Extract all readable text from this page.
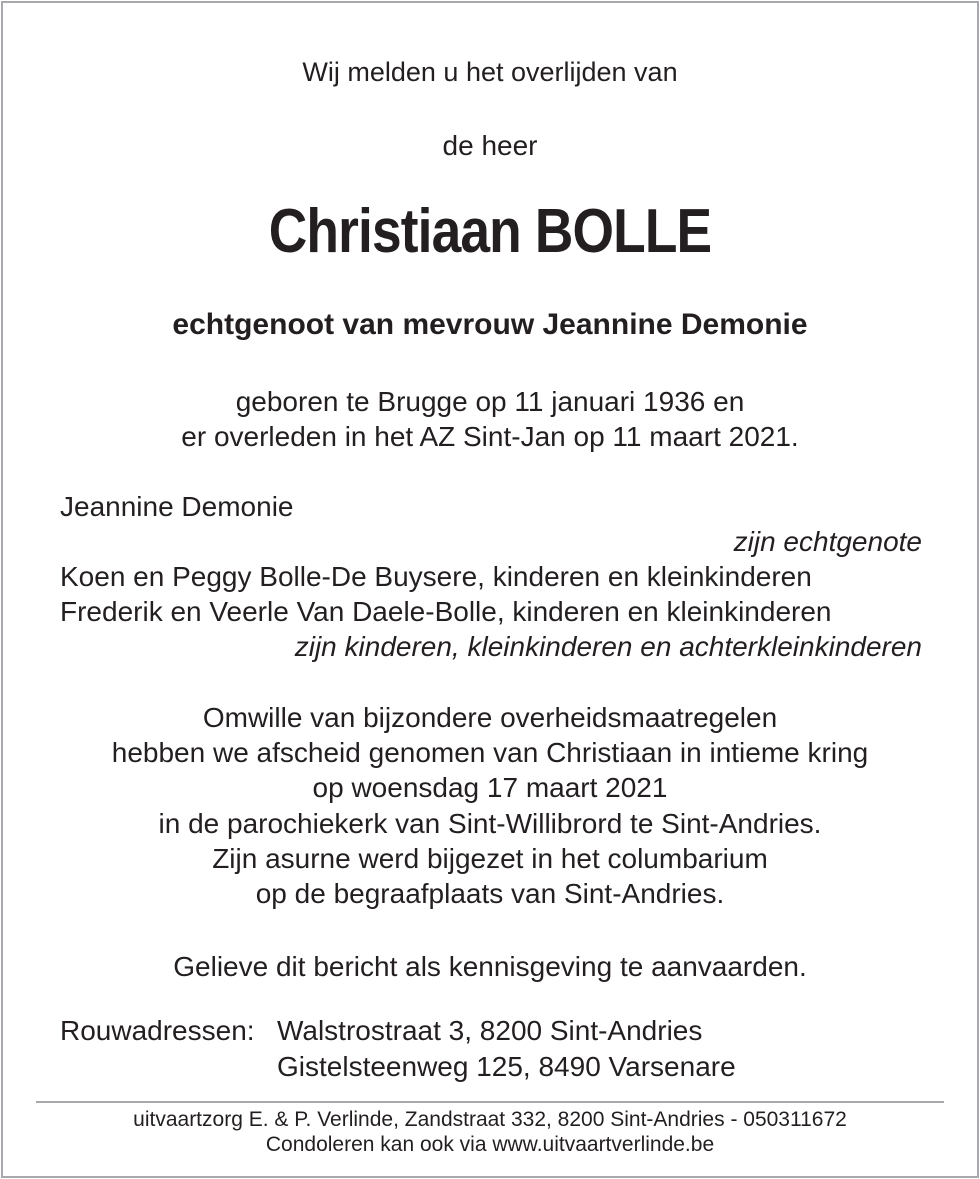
Wij melden u het overlijden van
de heer
Christiaan BOLLE
echtgenoot van mevrouw Jeannine Demonie
geboren te Brugge op 11 januari 1936 en
er overleden in het AZ Sint-Jan op 11 maart 2021.
Jeannine Demonie
zijn echtgenote
Koen en Peggy Bolle-De Buysere, kinderen en kleinkinderen
Frederik en Veerle Van Daele-Bolle, kinderen en kleinkinderen
zijn kinderen, kleinkinderen en achterkleinkinderen
Omwille van bijzondere overheidsmaatregelen
hebben we afscheid genomen van Christiaan in intieme kring
op woensdag 17 maart 2021
in de parochiekerk van Sint-Willibrord te Sint-Andries.
Zijn asurne werd bijgezet in het columbarium
op de begraafplaats van Sint-Andries.
Gelieve dit bericht als kennisgeving te aanvaarden.
Rouwadressen: Walstrostraat 3, 8200 Sint-Andries
Gistelsteenweg 125, 8490 Varsenare
uitvaartzorg E. & P. Verlinde, Zandstraat 332, 8200 Sint-Andries - 050311672
Condoleren kan ook via www.uitvaartverlinde.be
